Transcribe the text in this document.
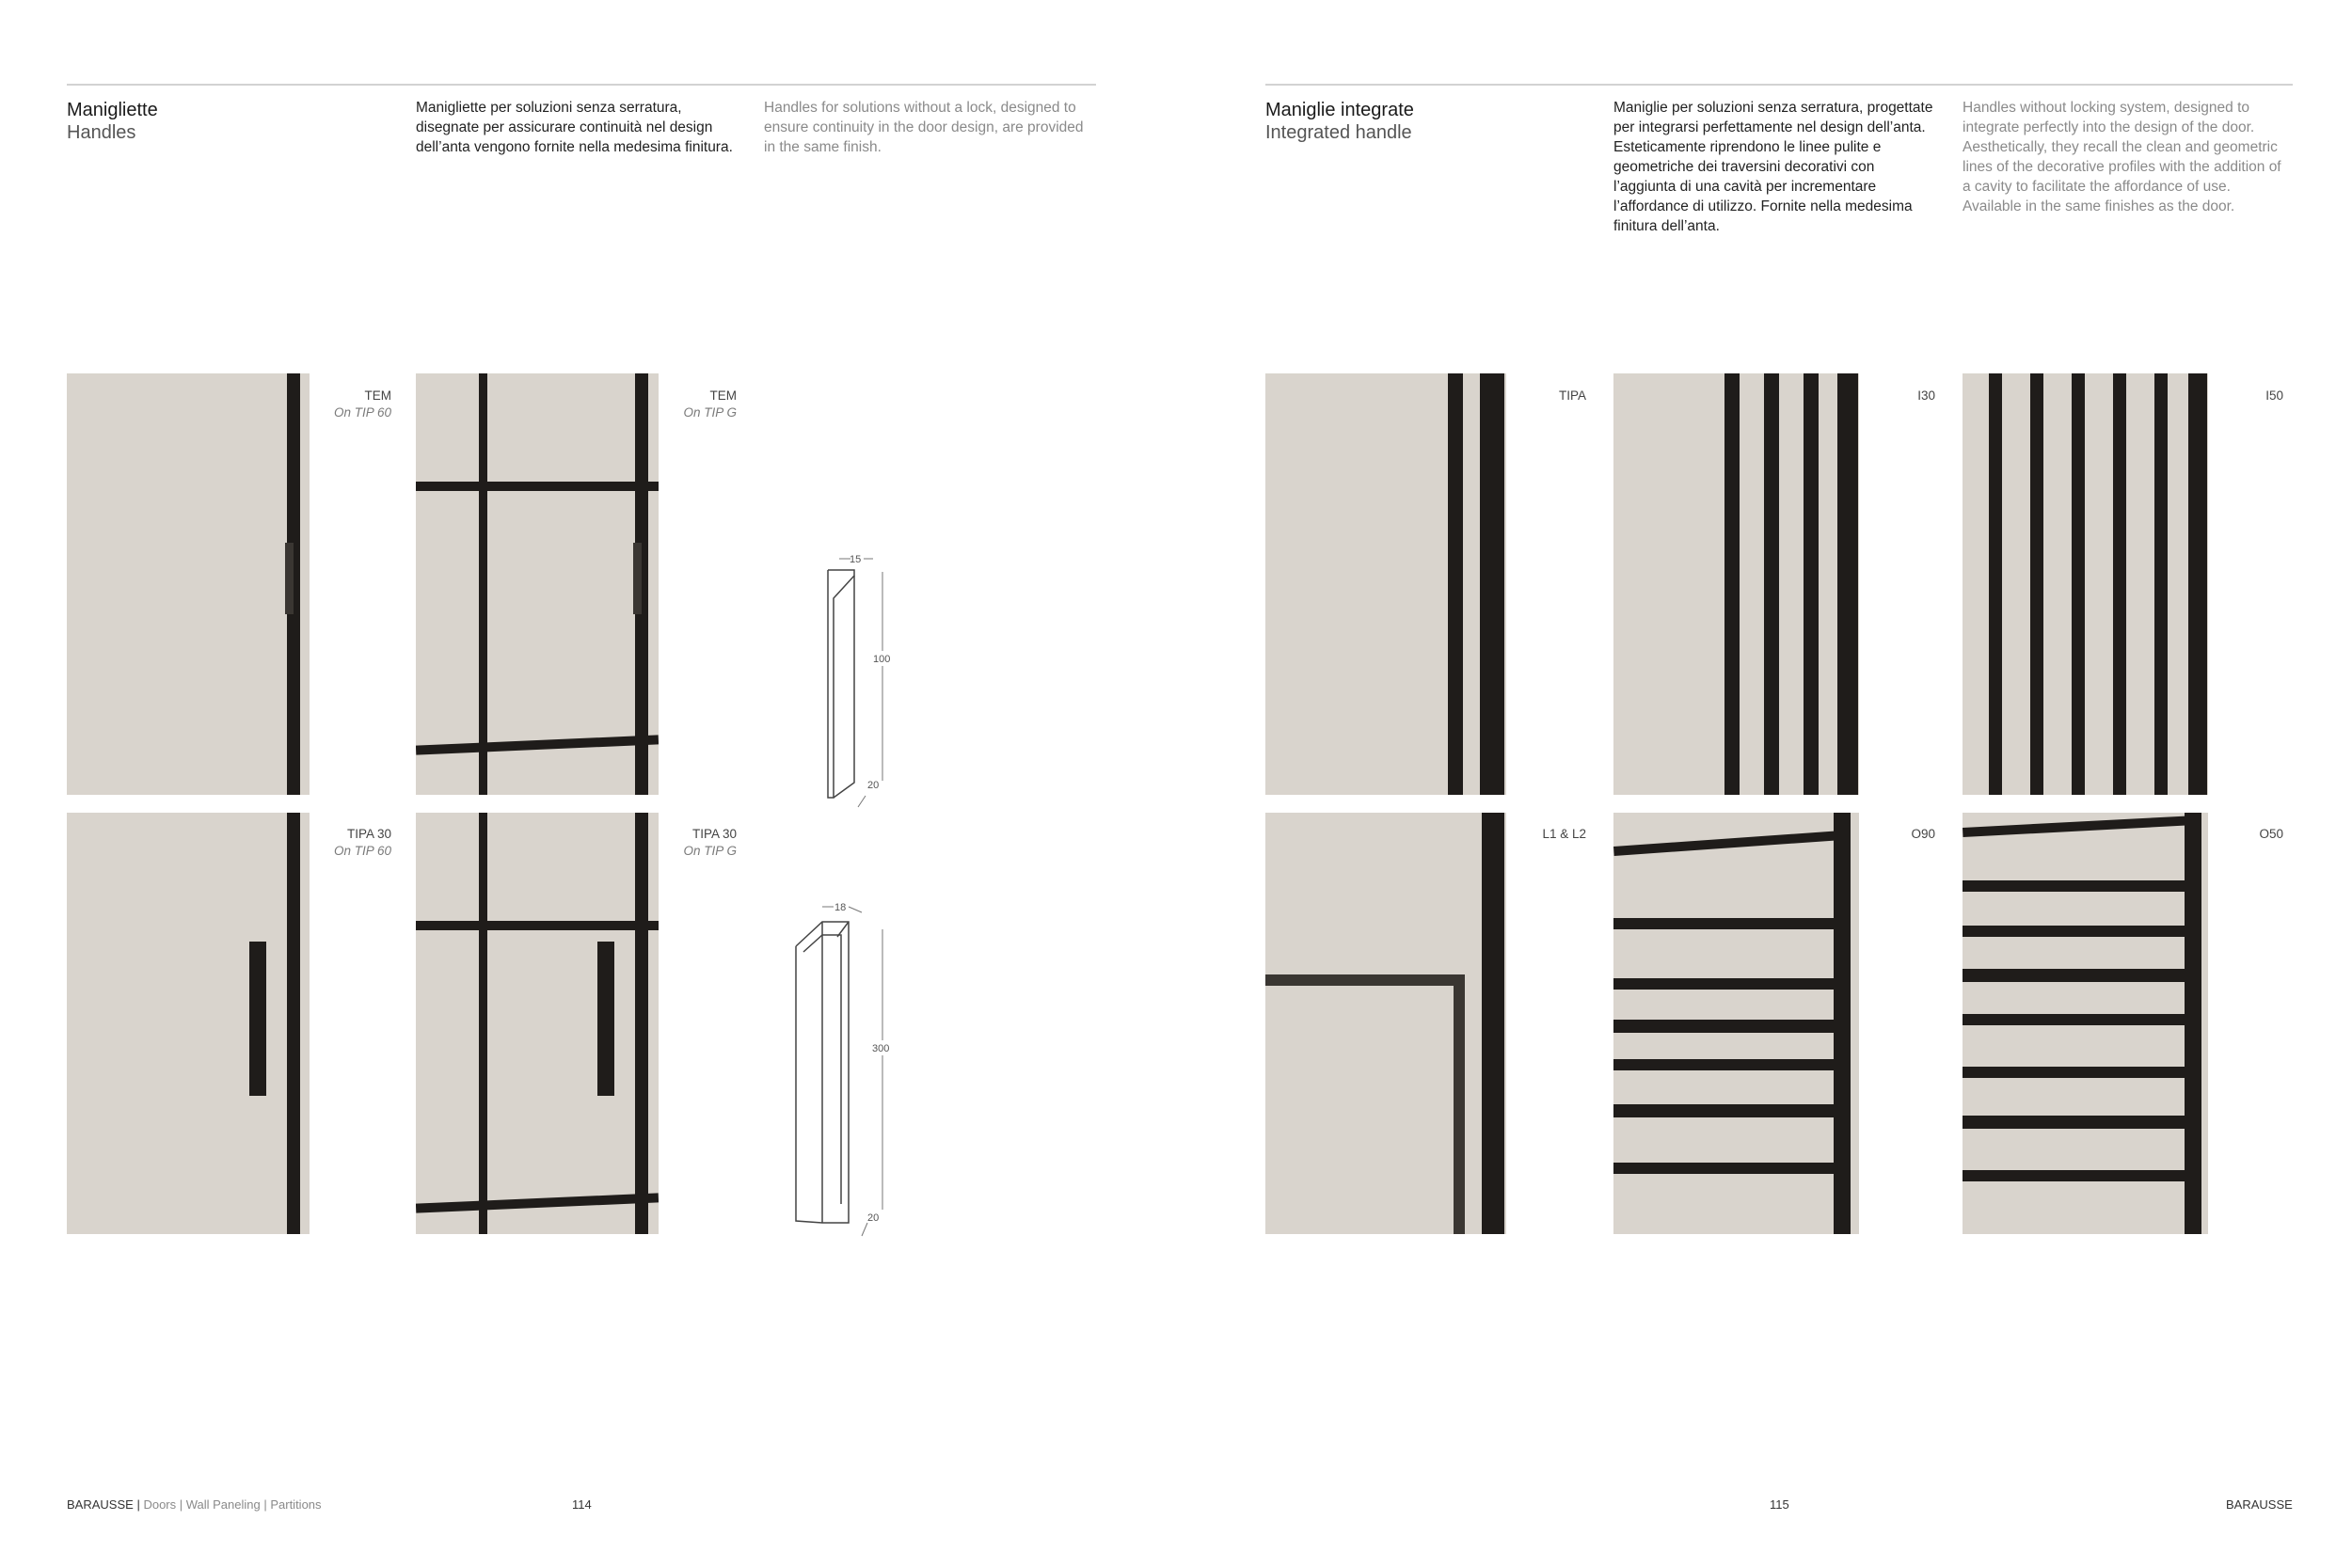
Manigliette
Handles
Manigliette per soluzioni senza serratura, disegnate per assicurare continuità nel design dell’anta vengono fornite nella medesima finitura.
Handles for solutions without a lock, designed to ensure continuity in the door design, are provided in the same finish.
TEM
On TIP 60
TEM
On TIP G
15
100
20
TIPA 30
On TIP 60
TIPA 30
On TIP G
18
300
20
Maniglie integrate
Integrated handle
Maniglie per soluzioni senza serratura, progettate per integrarsi perfettamente nel design dell’anta. Esteticamente riprendono le linee pulite e geometriche dei traversini decorativi con l’aggiunta di una cavità per incrementare l’affordance di utilizzo. Fornite nella medesima finitura dell’anta.
Handles without locking system, designed to integrate perfectly into the design of the door. Aesthetically, they recall the clean and geometric lines of the decorative profiles with the addition of a cavity to facilitate the affordance of use. Available in the same finishes as the door.
TIPA	I30	I50
L1 & L2	O90	O50
BARAUSSE | Doors | Wall Paneling | Partitions	114	115	BARAUSSE
